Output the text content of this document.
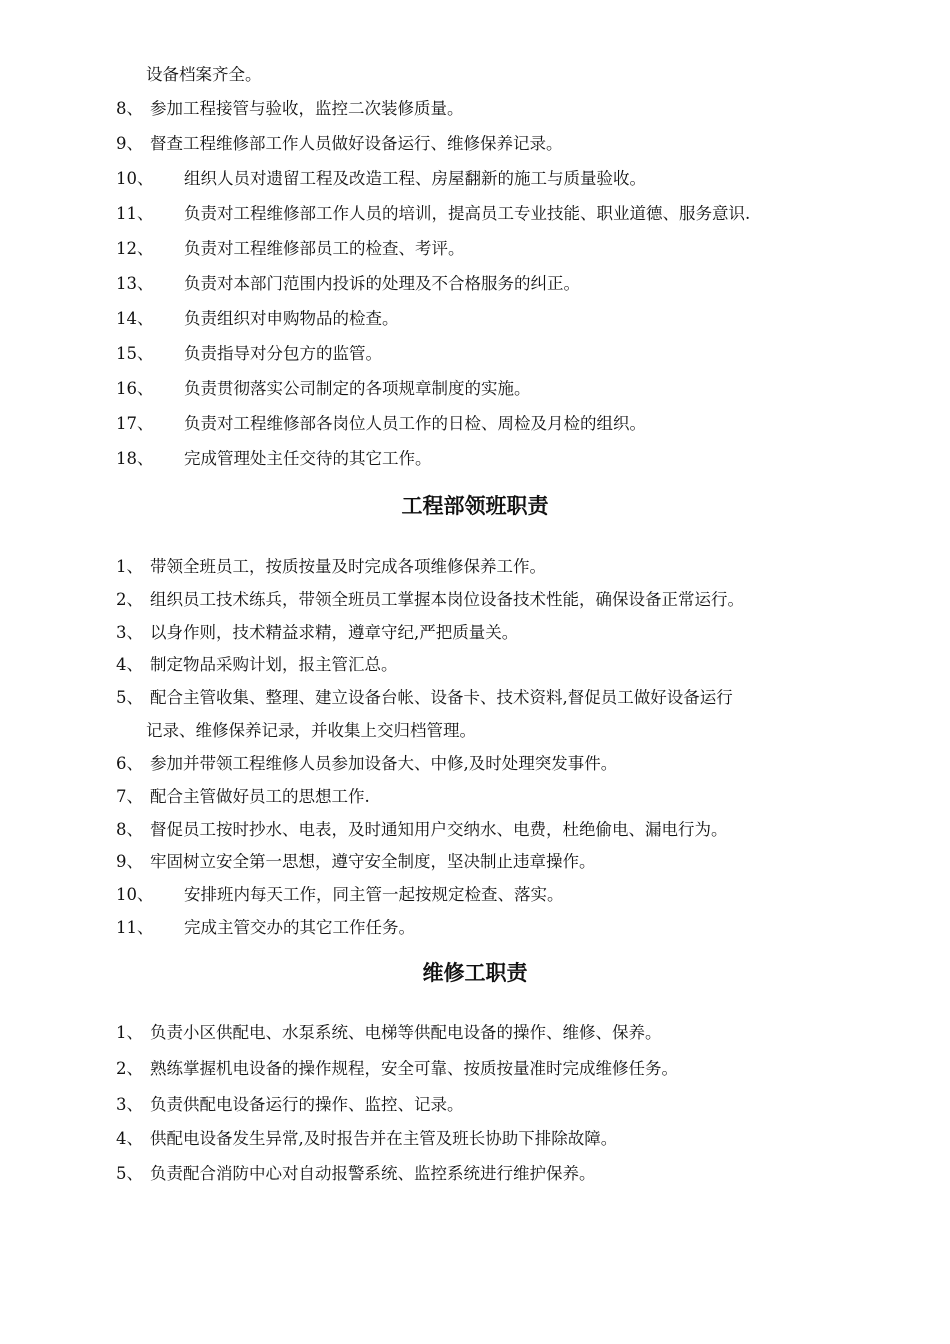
设备档案齐全。
8、 参加工程接管与验收，监控二次装修质量。
9、 督查工程维修部工作人员做好设备运行、维修保养记录。
10、 组织人员对遗留工程及改造工程、房屋翻新的施工与质量验收。
11、 负责对工程维修部工作人员的培训，提高员工专业技能、职业道德、服务意识.
12、 负责对工程维修部员工的检查、考评。
13、 负责对本部门范围内投诉的处理及不合格服务的纠正。
14、 负责组织对申购物品的检查。
15、 负责指导对分包方的监管。
16、 负责贯彻落实公司制定的各项规章制度的实施。
17、 负责对工程维修部各岗位人员工作的日检、周检及月检的组织。
18、 完成管理处主任交待的其它工作。
工程部领班职责
1、 带领全班员工，按质按量及时完成各项维修保养工作。
2、 组织员工技术练兵，带领全班员工掌握本岗位设备技术性能，确保设备正常运行。
3、 以身作则，技术精益求精，遵章守纪,严把质量关。
4、 制定物品采购计划，报主管汇总。
5、 配合主管收集、整理、建立设备台帐、设备卡、技术资料,督促员工做好设备运行
记录、维修保养记录，并收集上交归档管理。
6、 参加并带领工程维修人员参加设备大、中修,及时处理突发事件。
7、 配合主管做好员工的思想工作.
8、 督促员工按时抄水、电表，及时通知用户交纳水、电费，杜绝偷电、漏电行为。
9、 牢固树立安全第一思想，遵守安全制度，坚决制止违章操作。
10、 安排班内每天工作，同主管一起按规定检查、落实。
11、 完成主管交办的其它工作任务。
维修工职责
1、 负责小区供配电、水泵系统、电梯等供配电设备的操作、维修、保养。
2、 熟练掌握机电设备的操作规程，安全可靠、按质按量准时完成维修任务。
3、 负责供配电设备运行的操作、监控、记录。
4、 供配电设备发生异常,及时报告并在主管及班长协助下排除故障。
5、 负责配合消防中心对自动报警系统、监控系统进行维护保养。
